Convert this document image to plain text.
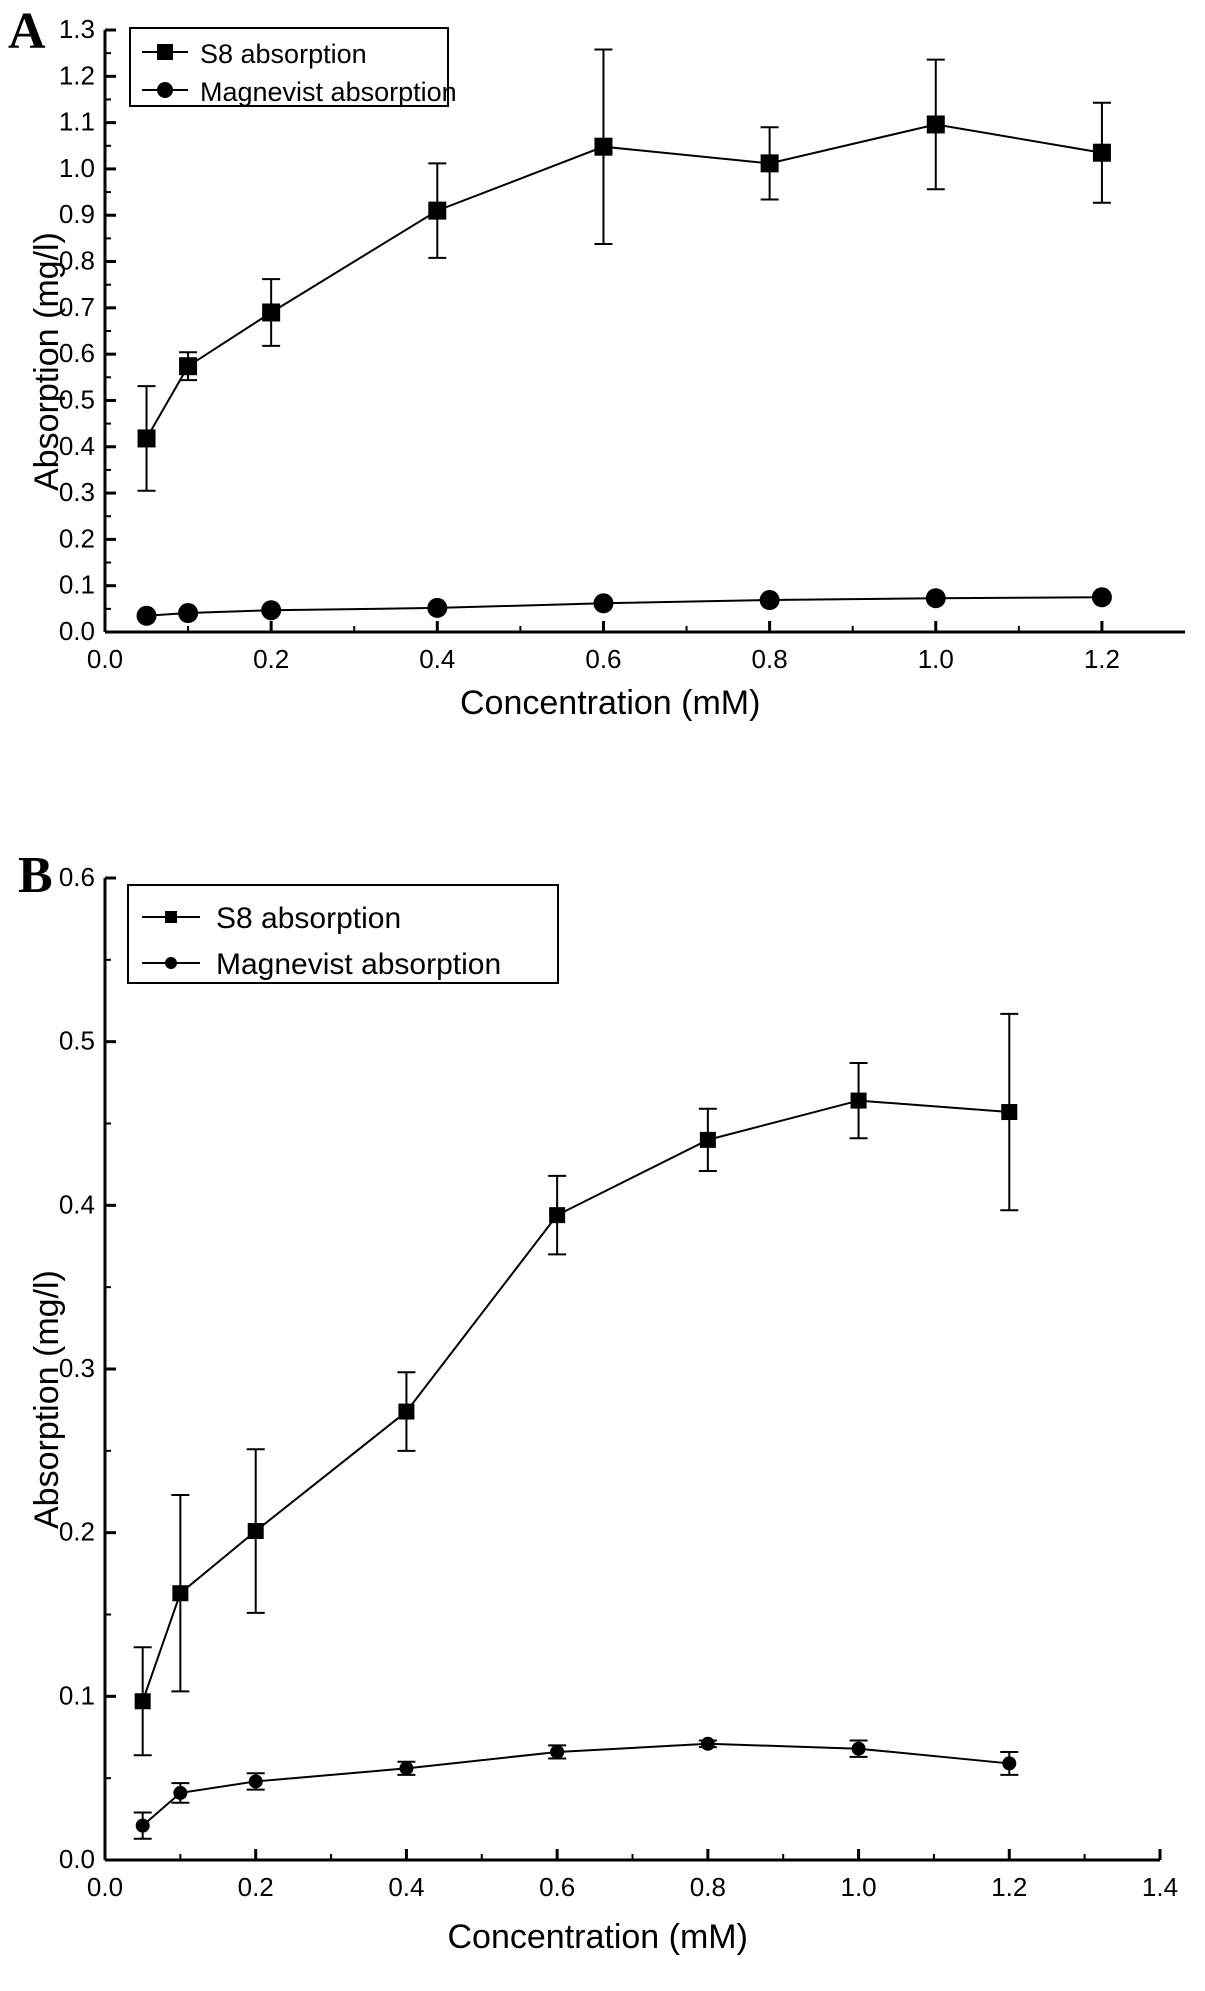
A
0.0	0.2	0.4	0.6	0.8	1.0	1.2
0.0
0.1
0.2
0.3
0.4
0.5
0.6
0.7
0.8
0.9
1.0
1.1
1.2
1.3
S8 absorption
Magnevist absorption
Concentration (mM)
Absorption (mg/l)
B
0.0	0.2	0.4	0.6	0.8	1.0	1.2	1.4
0.0
0.1
0.2
0.3
0.4
0.5
0.6
S8 absorption
Magnevist absorption
Concentration (mM)
Absorption (mg/l)
